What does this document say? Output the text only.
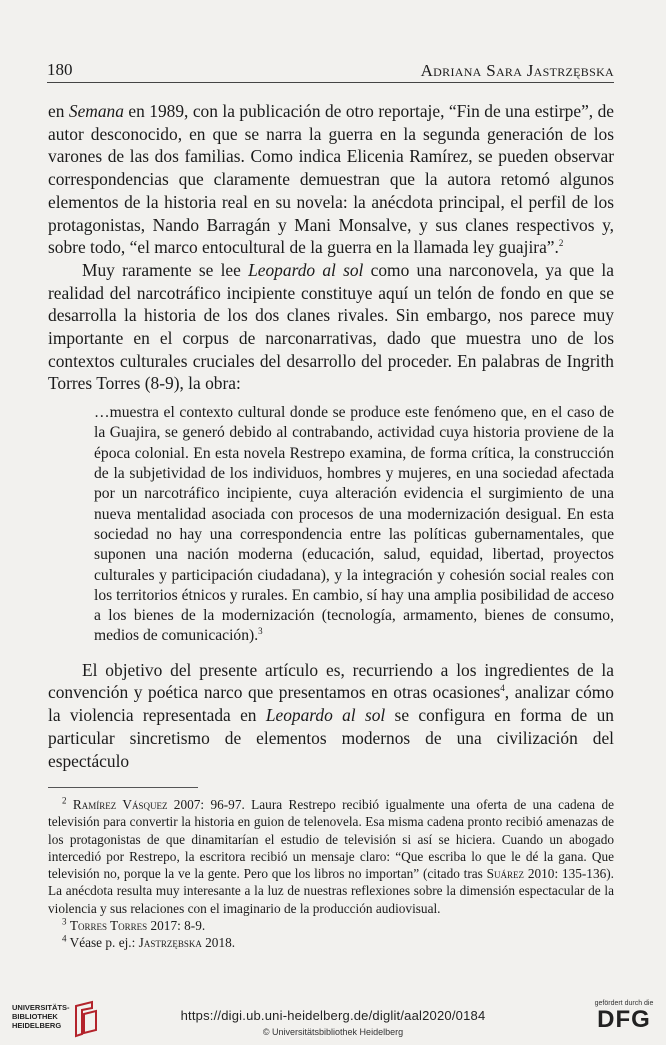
180	Adriana Sara Jastrzębska

en Semana en 1989, con la publicación de otro reportaje, “Fin de una estirpe”, de autor desconocido, en que se narra la guerra en la segunda generación de los varones de las dos familias. Como indica Elicenia Ramírez, se pueden observar correspondencias que claramente demuestran que la autora retomó algunos elementos de la historia real en su novela: la anécdota principal, el perfil de los protagonistas, Nando Barragán y Mani Monsalve, y sus clanes respectivos y, sobre todo, “el marco entocultural de la guerra en la llamada ley guajira”.$^2$

Muy raramente se lee Leopardo al sol como una narconovela, ya que la realidad del narcotráfico incipiente constituye aquí un telón de fondo en que se desarrolla la historia de los dos clanes rivales. Sin embargo, nos parece muy importante en el corpus de narconarrativas, dado que muestra uno de los contextos culturales cruciales del desarrollo del proceder. En palabras de Ingrith Torres Torres (8-9), la obra:

…muestra el contexto cultural donde se produce este fenómeno que, en el caso de la Guajira, se generó debido al contrabando, actividad cuya historia proviene de la época colonial. En esta novela Restrepo examina, de forma crítica, la construcción de la subjetividad de los individuos, hombres y mujeres, en una sociedad afectada por un narcotráfico incipiente, cuya alteración evidencia el surgimiento de una nueva mentalidad asociada con procesos de una modernización desigual. En esta sociedad no hay una correspondencia entre las políticas gubernamentales, que suponen una nación moderna (educación, salud, equidad, libertad, proyectos culturales y participación ciudadana), y la integración y cohesión social reales con los territorios étnicos y rurales. En cambio, sí hay una amplia posibilidad de acceso a los bienes de la modernización (tecnología, armamento, bienes de consumo, medios de comunicación).$^3$

El objetivo del presente artículo es, recurriendo a los ingredientes de la convención y poética narco que presentamos en otras ocasiones$^4$, analizar cómo la violencia representada en Leopardo al sol se configura en forma de un particular sincretismo de elementos modernos de una civilización del espectáculo

$^2$ Ramírez Vásquez 2007: 96-97. Laura Restrepo recibió igualmente una oferta de una cadena de televisión para convertir la historia en guion de telenovela. Esa misma cadena pronto recibió amenazas de los protagonistas de que dinamitarían el estudio de televisión si así se hiciera. Cuando un abogado intercedió por Restrepo, la escritora recibió un mensaje claro: “Que escriba lo que le dé la gana. Que televisión no, porque la ve la gente. Pero que los libros no importan” (citado tras Suárez 2010: 135-136). La anécdota resulta muy interesante a la luz de nuestras reflexiones sobre la dimensión espectacular de la violencia y sus relaciones con el imaginario de la producción audiovisual.

$^3$ Torres Torres 2017: 8-9.

$^4$ Véase p. ej.: Jastrzębska 2018.

UNIVERSITÄTS-
BIBLIOTHEK
HEIDELBERG
https://digi.ub.uni-heidelberg.de/diglit/aal2020/0184
© Universitätsbibliothek Heidelberg
gefördert durch die
DFG
